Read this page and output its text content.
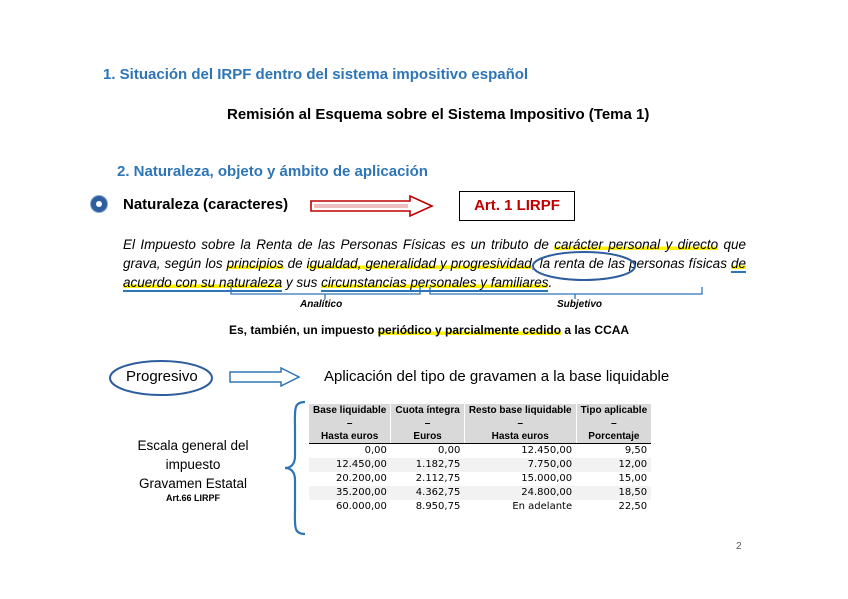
1. Situación del IRPF dentro del sistema impositivo español
Remisión al Esquema sobre el Sistema Impositivo (Tema 1)
2. Naturaleza, objeto y ámbito de aplicación
Naturaleza (caracteres)	Art. 1 LIRPF
El Impuesto sobre la Renta de las Personas Físicas es un tributo de carácter personal y directo que grava, según los principios de igualdad, generalidad y progresividad, la renta de las personas físicas de acuerdo con su naturaleza y sus circunstancias personales y familiares.
Analítico	Subjetivo
Es, también, un impuesto periódico y parcialmente cedido a las CCAA
Progresivo	Aplicación del tipo de gravamen a la base liquidable
Escala general del
impuesto
Gravamen Estatal
Art.66 LIRPF
Base liquidable	Cuota íntegra	Resto base liquidable	Tipo aplicable
–	–	–	–
Hasta euros	Euros	Hasta euros	Porcentaje
0,00	0,00	12.450,00	9,50
12.450,00	1.182,75	7.750,00	12,00
20.200,00	2.112,75	15.000,00	15,00
35.200,00	4.362,75	24.800,00	18,50
60.000,00	8.950,75	En adelante	22,50
2
